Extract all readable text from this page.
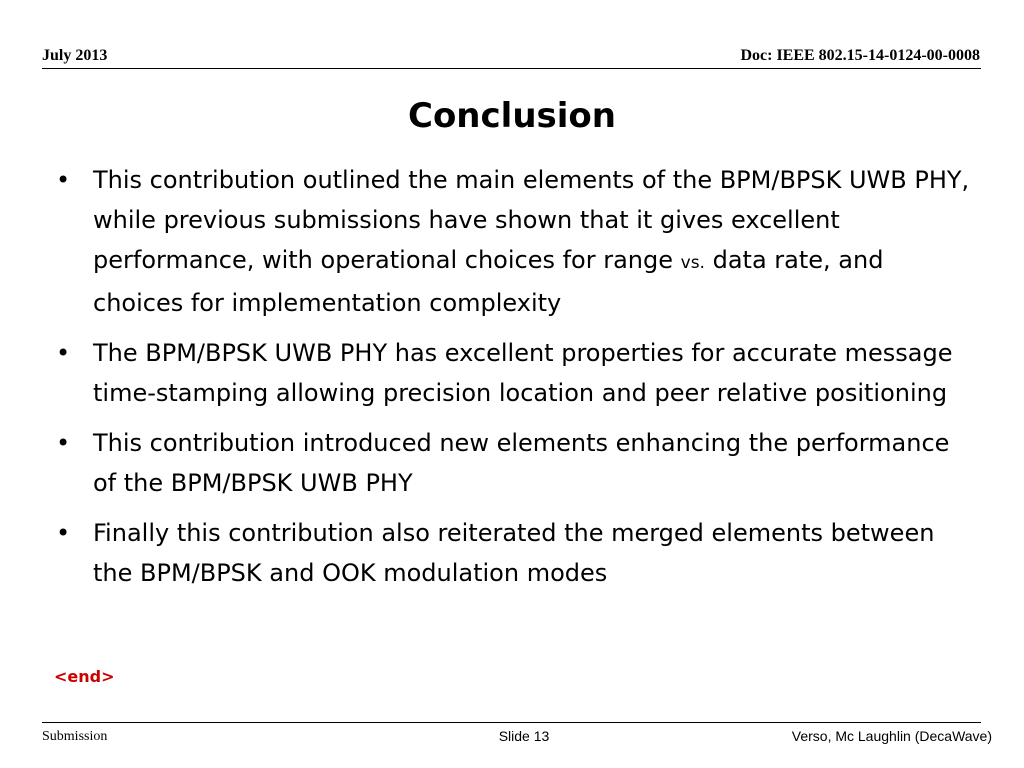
July 2013	Doc: IEEE 802.15-14-0124-00-0008
Conclusion
• This contribution outlined the main elements of the BPM/BPSK UWB PHY, while previous submissions have shown that it gives excellent performance, with operational choices for range vs. data rate, and choices for implementation complexity
• The BPM/BPSK UWB PHY has excellent properties for accurate message time-stamping allowing precision location and peer relative positioning
• This contribution introduced new elements enhancing the performance of the BPM/BPSK UWB PHY
• Finally this contribution also reiterated the merged elements between the BPM/BPSK and OOK modulation modes
<end>
Submission	Slide 13	Verso, Mc Laughlin (DecaWave)
